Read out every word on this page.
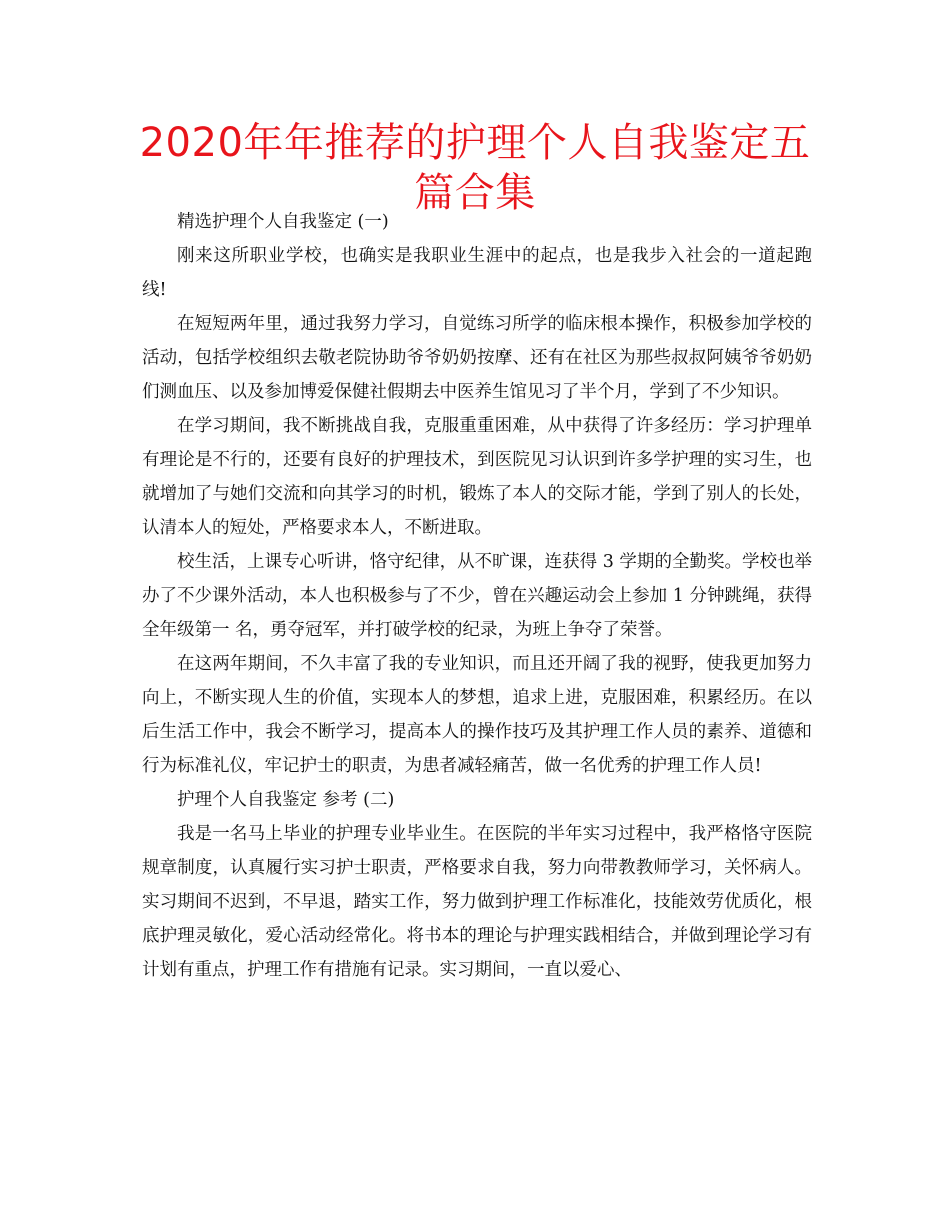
2020年年推荐的护理个人自我鉴定五篇合集

精选护理个人自我鉴定 (一)

刚来这所职业学校，也确实是我职业生涯中的起点，也是我步入社会的一道起跑线!

在短短两年里，通过我努力学习，自觉练习所学的临床根本操作，积极参加学校的活动，包括学校组织去敬老院协助爷爷奶奶按摩、还有在社区为那些叔叔阿姨爷爷奶奶们测血压、以及参加博爱保健社假期去中医养生馆见习了半个月，学到了不少知识。

在学习期间，我不断挑战自我，克服重重困难，从中获得了许多经历：学习护理单有理论是不行的，还要有良好的护理技术，到医院见习认识到许多学护理的实习生，也就增加了与她们交流和向其学习的时机，锻炼了本人的交际才能，学到了别人的长处，认清本人的短处，严格要求本人，不断进取。

校生活，上课专心听讲，恪守纪律，从不旷课，连获得 3 学期的全勤奖。学校也举办了不少课外活动，本人也积极参与了不少，曾在兴趣运动会上参加 1 分钟跳绳，获得全年级第一 名，勇夺冠军，并打破学校的纪录，为班上争夺了荣誉。

在这两年期间，不久丰富了我的专业知识，而且还开阔了我的视野，使我更加努力向上，不断实现人生的价值，实现本人的梦想，追求上进，克服困难，积累经历。在以后生活工作中，我会不断学习，提高本人的操作技巧及其护理工作人员的素养、道德和行为标准礼仪，牢记护士的职责，为患者减轻痛苦，做一名优秀的护理工作人员!

护理个人自我鉴定 参考 (二)

我是一名马上毕业的护理专业毕业生。在医院的半年实习过程中，我严格恪守医院规章制度，认真履行实习护士职责，严格要求自我，努力向带教教师学习，关怀病人。实习期间不迟到，不早退，踏实工作，努力做到护理工作标准化，技能效劳优质化，根底护理灵敏化，爱心活动经常化。将书本的理论与护理实践相结合，并做到理论学习有计划有重点，护理工作有措施有记录。实习期间，一直以爱心、
